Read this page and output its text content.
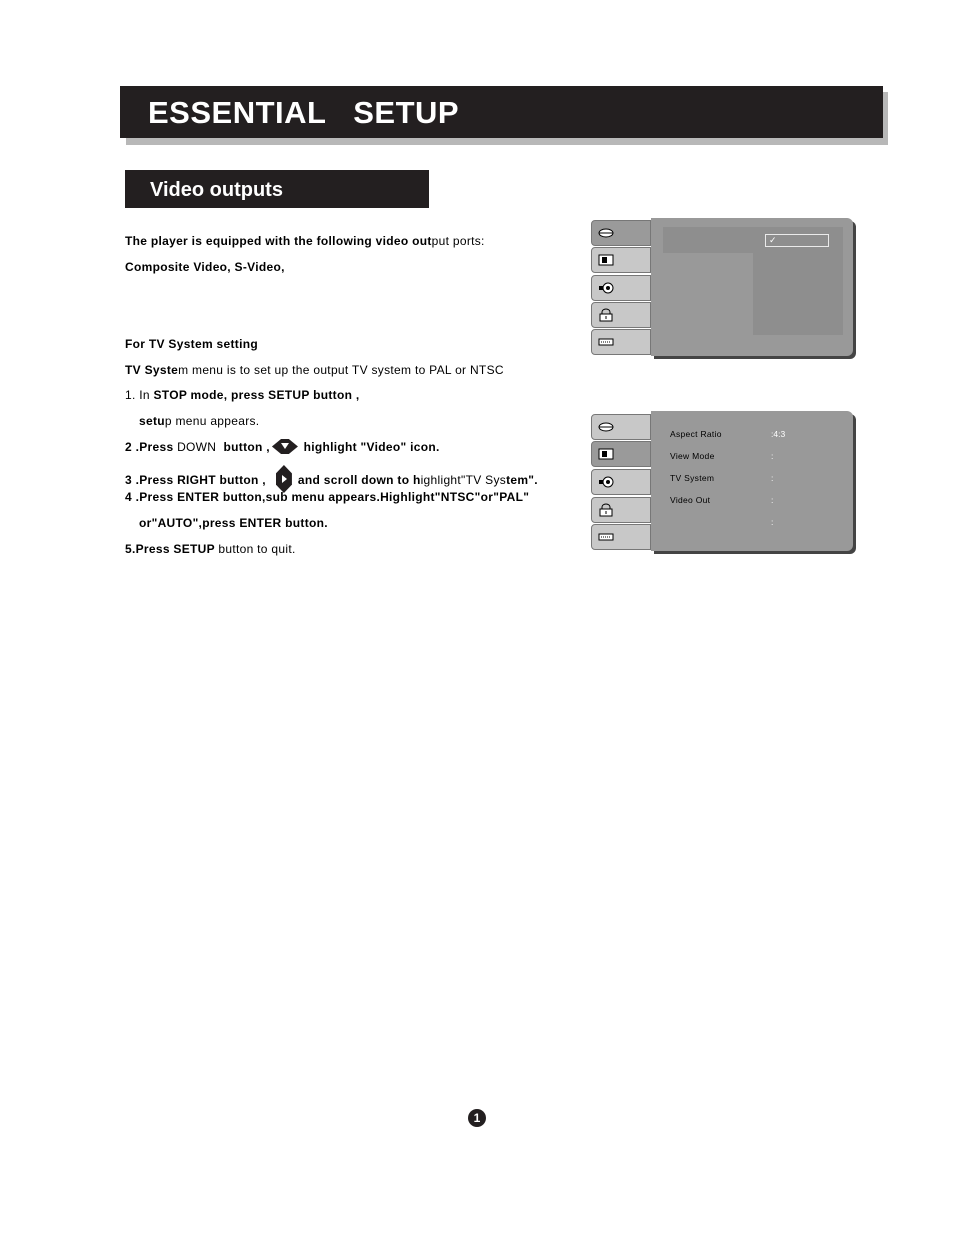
ESSENTIAL   SETUP
Video outputs
The player is equipped with the following video output ports:
Composite Video, S-Video,
For TV System setting
TV System menu is to set up the output TV system to PAL or NTSC
1. In STOP mode, press SETUP button ,
setup menu appears.
2 .Press DOWN  button ,	highlight "Video" icon.
3 .Press RIGHT button ,	and scroll down to highlight"TV System".
4 .Press ENTER button,sub menu appears.Highlight"NTSC"or"PAL"
or"AUTO",press ENTER button.
5.Press SETUP button to quit.
✓
Aspect Ratio	:4:3
View Mode	:
TV System	:
Video Out	:
:
1
